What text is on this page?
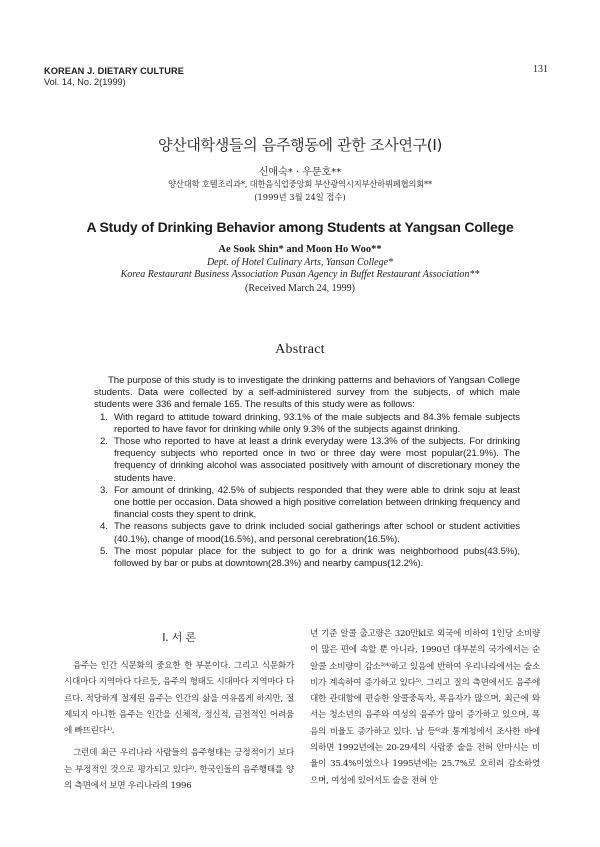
KOREAN J. DIETARY CULTURE
Vol. 14, No. 2(1999)
131
양산대학생들의 음주행동에 관한 조사연구(I)
신애숙* · 우문호**
양산대학 호텔조리과*, 대한음식업중앙회 부산광역시지부산하뷔페협의회**
(1999년 3월 24일 접수)
A Study of Drinking Behavior among Students at Yangsan College
Ae Sook Shin* and Moon Ho Woo**
Dept. of Hotel Culinary Arts, Yansan College*
Korea Restaurant Business Association Pusan Agency in Buffet Restaurant Association**
(Received March 24, 1999)
Abstract

The purpose of this study is to investigate the drinking patterns and behaviors of Yangsan College students. Data were collected by a self-administered survey from the subjects, of which male students were 336 and female 165. The results of this study were as follows:

1. With regard to attitude toward drinking, 93.1% of the male subjects and 84.3% female subjects reported to have favor for drinking while only 9.3% of the subjects against drinking.
2. Those who reported to have at least a drink everyday were 13.3% of the subjects. For drinking frequency subjects who reported once in two or three day were most popular(21.9%). The frequency of drinking alcohol was associated positively with amount of discretionary money the students have.
3. For amount of drinking, 42.5% of subjects responded that they were able to drink soju at least one bottle per occasion. Data showed a high positive correlation between drinking frequency and financial costs they spent to drink.
4. The reasons subjects gave to drink included social gatherings after school or student activities (40.1%), change of mood(16.5%), and personal cerebration(16.5%).
5. The most popular place for the subject to go for a drink was neighborhood pubs(43.5%), followed by bar or pubs at downtown(28.3%) and nearby campus(12.2%).
I. 서 론

음주는 인간 식문화의 중요한 한 부분이다. 그리고 식문화가 시대마다 지역마다 다르듯, 음주의 형태도 시대마다 지역마다 다르다. 적당하게 절제된 음주는 인간의 삶을 여유롭게 하지만, 절제되지 아니한 음주는 인간을 신체적, 정신적, 금전적인 어려움에 빠뜨린다¹⁾.

그런데 최근 우리나라 사람들의 음주형태는 긍정적이기 보다는 부정적인 것으로 평가되고 있다²⁾. 한국인들의 음주행태를 양의 측면에서 보면 우리나라의 1996

년 기준 알콜 출고량은 320만kl로 외국에 비하여 1인당 소비량이 많은 편에 속할 뿐 아니라, 1990년 대부분의 국가에서는 순알콜 소비량이 감소³⁾⁴⁾하고 있음에 반하여 우리나라에서는 술소비가 계속하여 증가하고 있다⁵⁾. 그리고 질의 측면에서도 음주에 대한 관대함에 편승한 알콜중독자, 폭음자가 많으며, 최근에 와서는 청소년의 음주와 여성의 음주가 많이 증가하고 있으며, 폭음의 비율도 증가하고 있다. 남 등⁶⁾과 통계청에서 조사한 바에 의하면 1992년에는 20-29세의 사람중 술을 전혀 안마시는 비율이 35.4%이었으나 1995년에는 25.7%로 오히려 감소하였으며, 여성에 있어서도 술을 전혀 안
